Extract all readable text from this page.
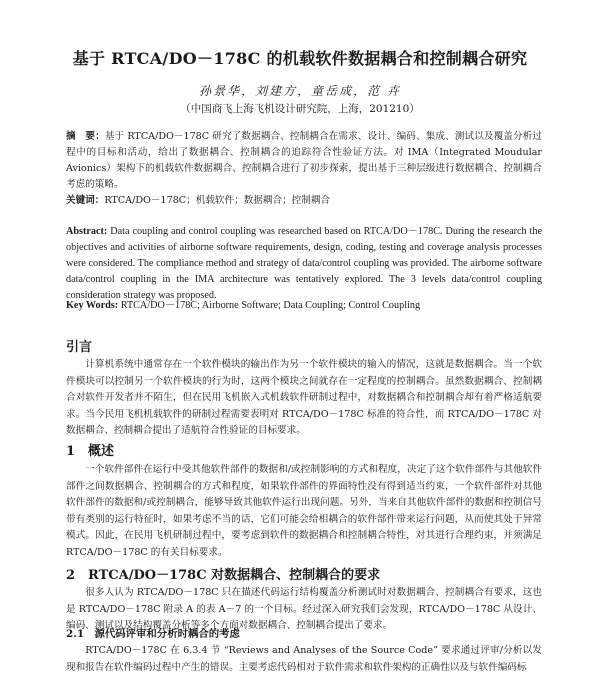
基于 RTCA/DO－178C 的机载软件数据耦合和控制耦合研究
孙景华，刘建方，童岳成，范 卉
（中国商飞上海飞机设计研究院，上海，201210）
摘　要：基于 RTCA/DO－178C 研究了数据耦合、控制耦合在需求、设计、编码、集成、测试以及覆盖分析过程中的目标和活动，给出了数据耦合、控制耦合的追踪符合性验证方法。对 IMA（Integrated Moudular Avionics）架构下的机载软件数据耦合、控制耦合进行了初步探索，提出基于三种层级进行数据耦合、控制耦合考虑的策略。
关键词：RTCA/DO－178C；机载软件；数据耦合；控制耦合
Abstract: Data coupling and control coupling was researched based on RTCA/DO－178C. During the research the objectives and activities of airborne software requirements, design, coding, testing and coverage analysis processes were considered. The compliance method and strategy of data/control coupling was provided. The airborne software data/control coupling in the IMA architecture was tentatively explored. The 3 levels data/control coupling consideration strategy was proposed.
Key Words: RTCA/DO－178C; Airborne Software; Data Coupling; Control Coupling
引言
计算机系统中通常存在一个软件模块的输出作为另一个软件模块的输入的情况，这就是数据耦合。当一个软件模块可以控制另一个软件模块的行为时，这两个模块之间就存在一定程度的控制耦合。虽然数据耦合、控制耦合对软件开发者并不陌生，但在民用飞机嵌入式机载软件研制过程中，对数据耦合和控制耦合却有着严格适航要求。当今民用飞机机载软件的研制过程需要表明对 RTCA/DO－178C 标准的符合性，而 RTCA/DO－178C 对数据耦合、控制耦合提出了适航符合性验证的目标要求。
1　概述
一个软件部件在运行中受其他软件部件的数据和/或控制影响的方式和程度，决定了这个软件部件与其他软件部件之间数据耦合、控制耦合的方式和程度，如果软件部件的界面特性没有得到适当约束，一个软件部件对其他软件部件的数据和/或控制耦合，能够导致其他软件运行出现问题。另外，当来自其他软件部件的数据和控制信号带有类别的运行特征时，如果考虑不当的话，它们可能会给相耦合的软件部件带来运行问题，从而使其处于异常模式。因此，在民用飞机研制过程中，要考虑到软件的数据耦合和控制耦合特性，对其进行合理约束，并须满足 RTCA/DO－178C 的有关目标要求。
2　RTCA/DO－178C 对数据耦合、控制耦合的要求
很多人认为 RTCA/DO－178C 只在描述代码运行结构覆盖分析测试时对数据耦合、控制耦合有要求，这也是 RTCA/DO－178C 附录 A 的表 A－7 的一个目标。经过深入研究我们会发现，RTCA/DO－178C 从设计、编码、测试以及结构覆盖分析等多个方面对数据耦合、控制耦合提出了要求。
2.1　源代码评审和分析时耦合的考虑
RTCA/DO－178C 在 6.3.4 节 “Reviews and Analyses of the Source Code” 要求通过评审/分析以发现和报告在软件编码过程中产生的错误。主要考虑代码相对于软件需求和软件架构的正确性以及与软件编码标
